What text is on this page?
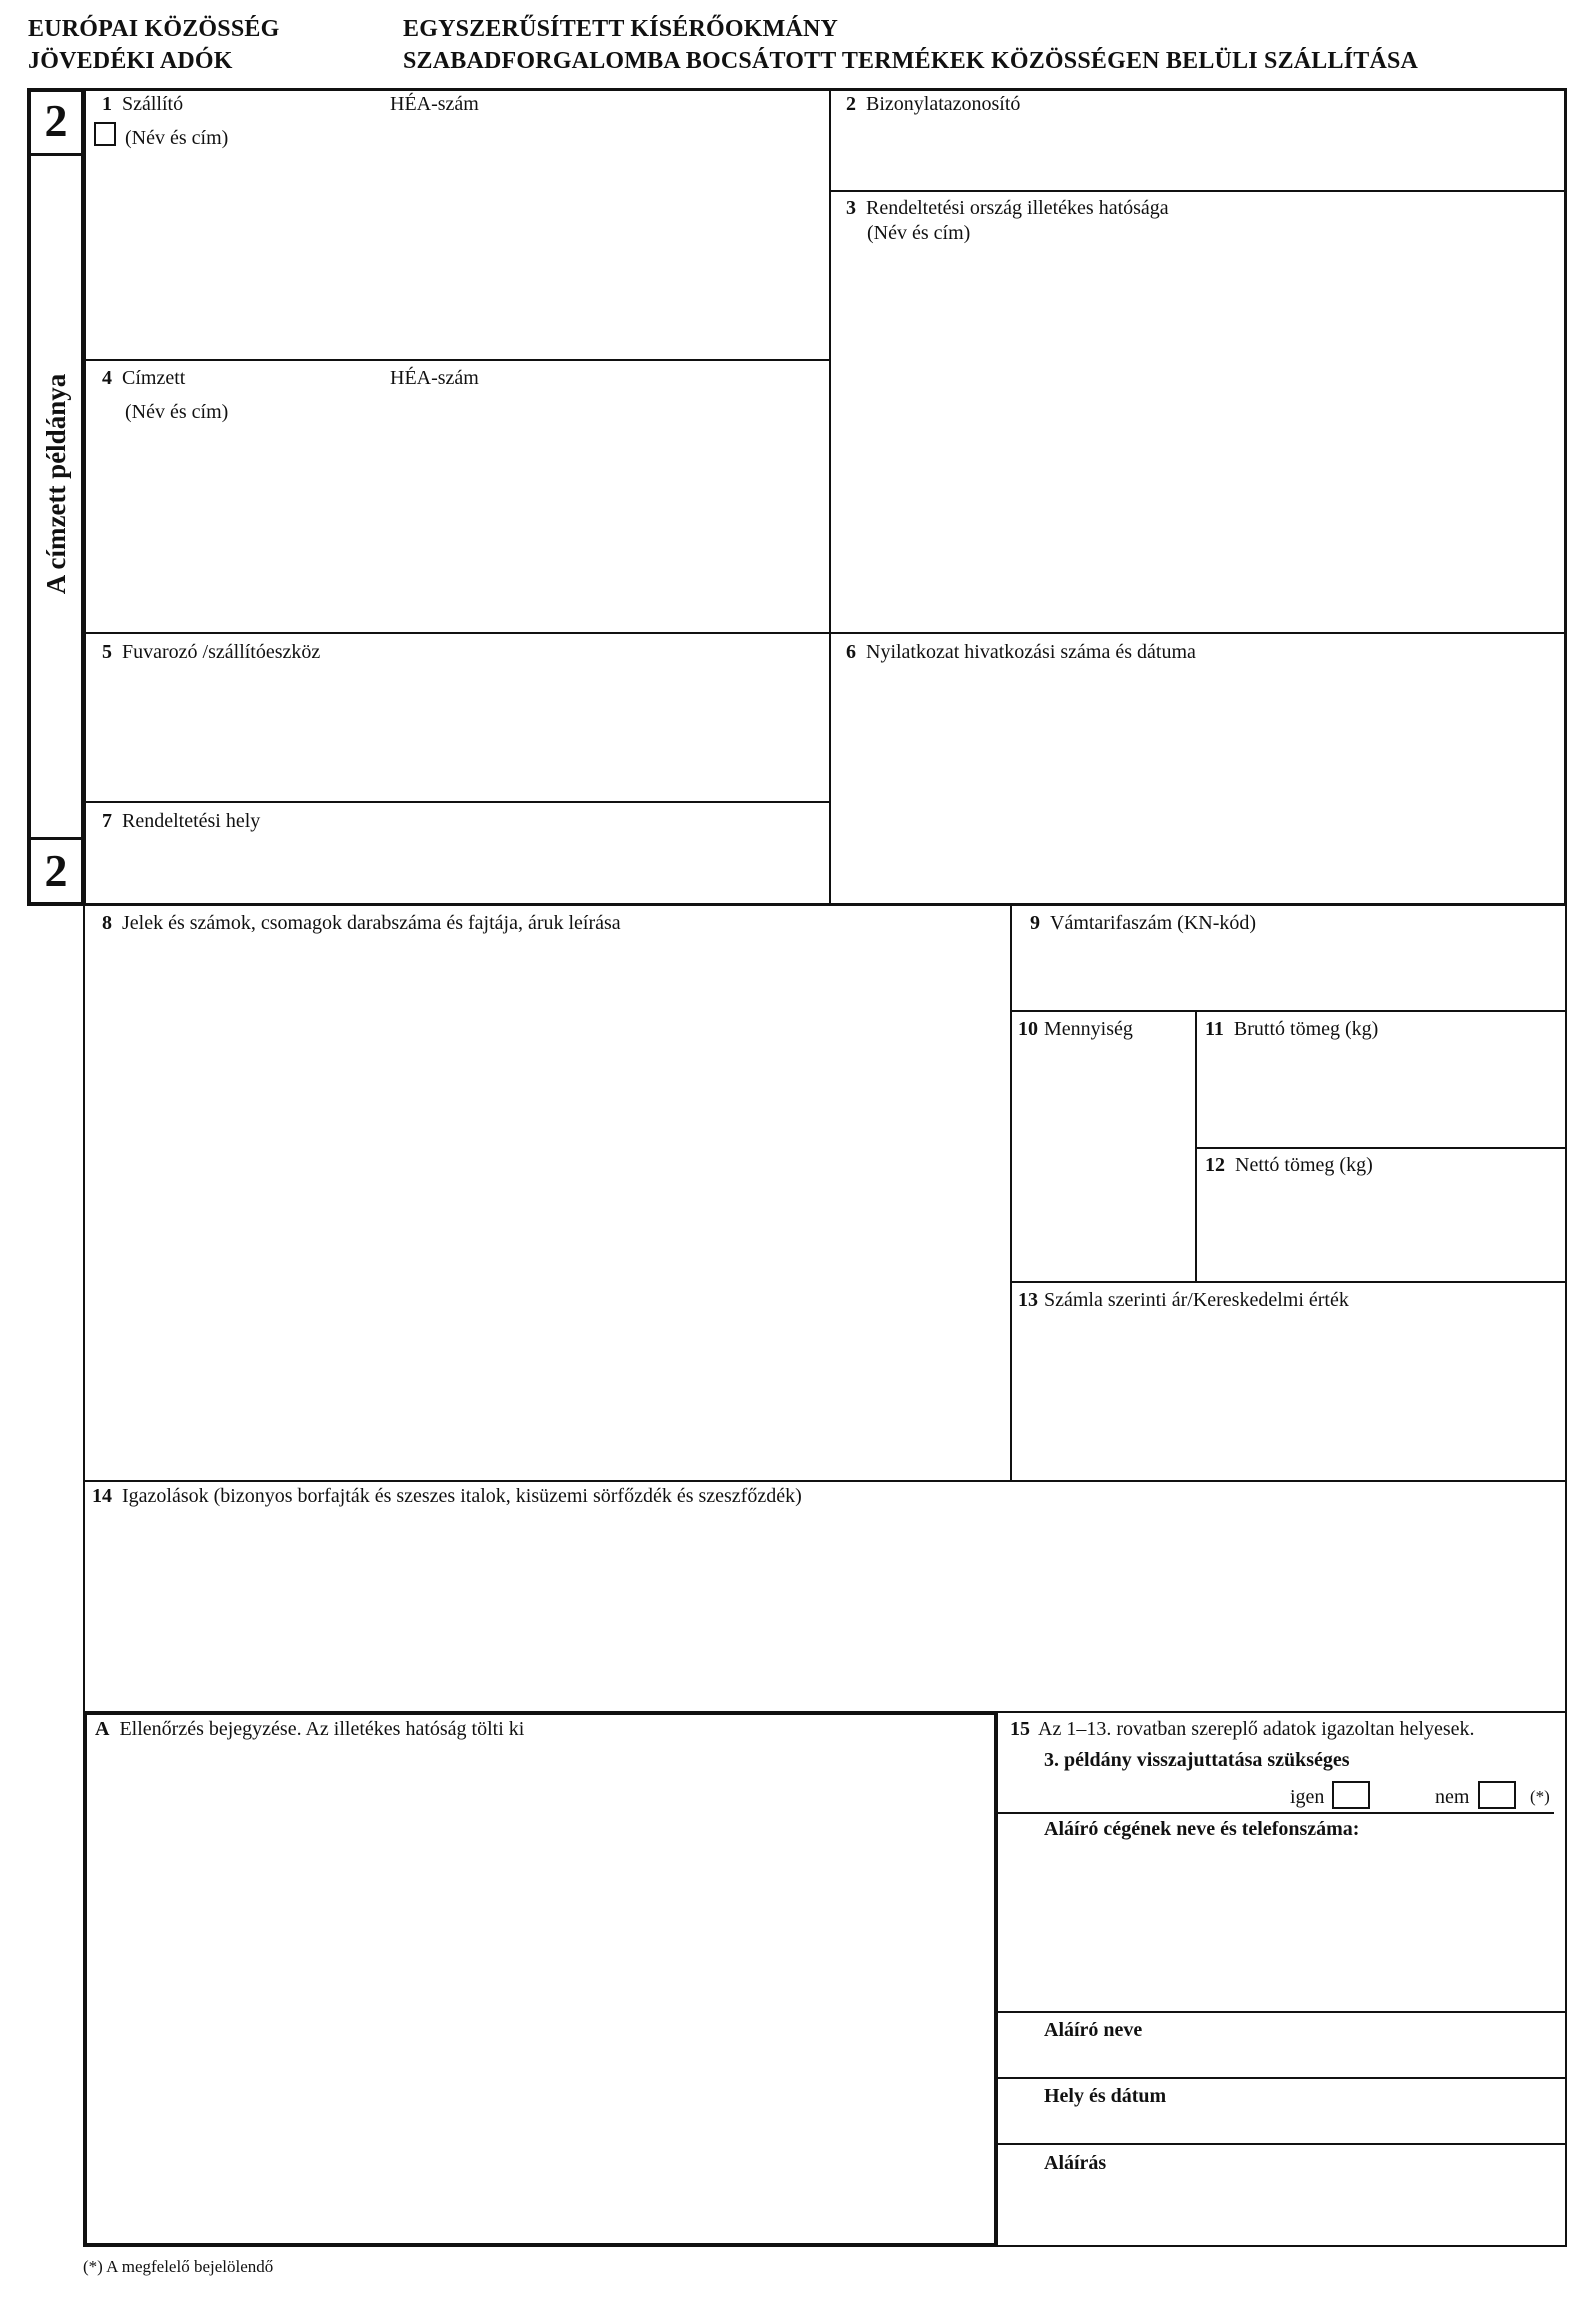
EURÓPAI KÖZÖSSÉG
JÖVEDÉKI ADÓK
EGYSZERŰSÍTETT KÍSÉRŐOKMÁNY
SZABADFORGALOMBA BOCSÁTOTT TERMÉKEK KÖZÖSSÉGEN BELÜLI SZÁLLÍTÁSA
2
2
A címzett példánya
1 Szállító	HÉA-szám
(Név és cím)
2 Bizonylatazonosító
3 Rendeltetési ország illetékes hatósága
(Név és cím)
4 Címzett	HÉA-szám
(Név és cím)
5 Fuvarozó /szállítóeszköz	6 Nyilatkozat hivatkozási száma és dátuma
7 Rendeltetési hely
8 Jelek és számok, csomagok darabszáma és fajtája, áruk leírása	9 Vámtarifaszám (KN-kód)
10 Mennyiség	11 Bruttó tömeg (kg)
12 Nettó tömeg (kg)
13 Számla szerinti ár/Kereskedelmi érték
14 Igazolások (bizonyos borfajták és szeszes italok, kisüzemi sörfőzdék és szeszfőzdék)
A Ellenőrzés bejegyzése. Az illetékes hatóság tölti ki	15 Az 1–13. rovatban szereplő adatok igazoltan helyesek.
3. példány visszajuttatása szükséges
igen	nem	(*)
Aláíró cégének neve és telefonszáma:
Aláíró neve
Hely és dátum
Aláírás
(*) A megfelelő bejelölendő
